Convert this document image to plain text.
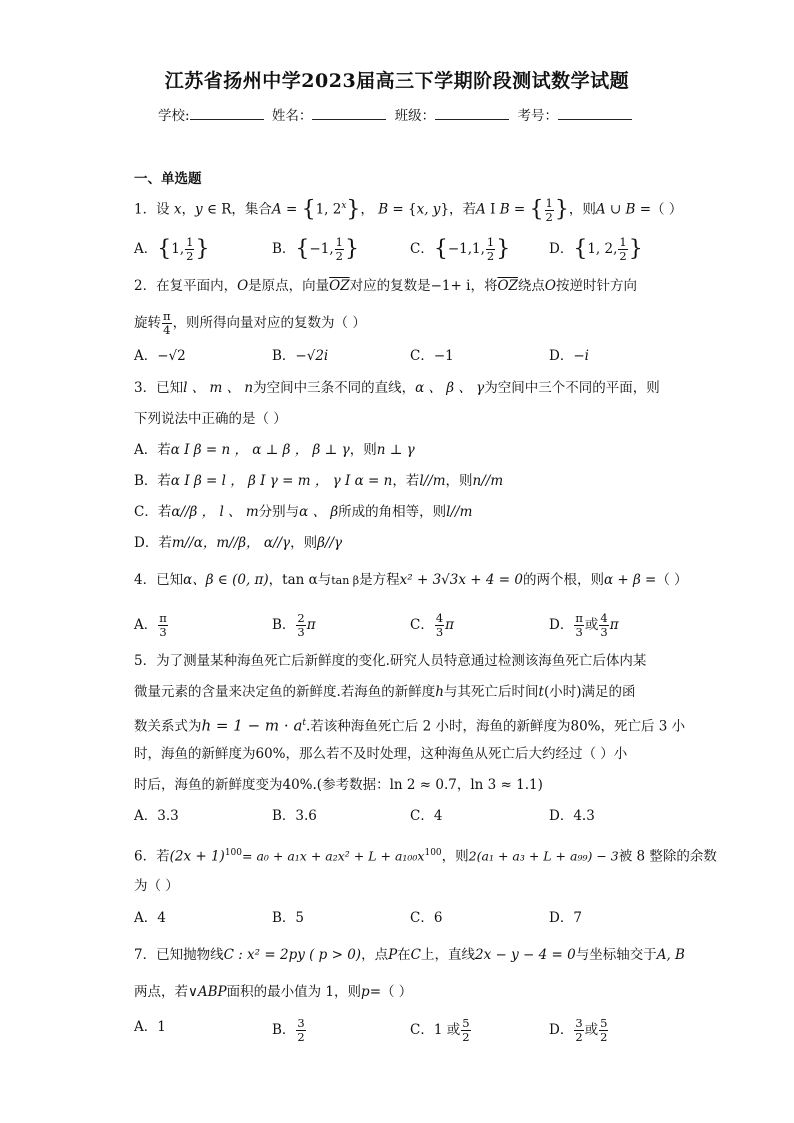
江苏省扬州中学2023届高三下学期阶段测试数学试题
学校:	姓名：	班级：	考号：
一、单选题
1．设 x，y ∈ R，集合A = {1, 2$^x$}， B = {x, y}，若A I B = { $\frac{1}{2}$ }，则A ∪ B =（ ）
A．{1, $\frac{1}{2}$ }	B．{−1, $\frac{1}{2}$ }	C．{−1,1, $\frac{1}{2}$ }	D．{1, 2, $\frac{1}{2}$ }
2．在复平面内，O是原点，向量$\overline{OZ}$对应的复数是−1+ i，将$\overline{OZ}$绕点O按逆时针方向
旋转 $\frac{\pi}{4}$ ，则所得向量对应的复数为（ ）
A．−√2	B．−√2i	C．−1	D．−i
3．已知l 、 m 、 n为空间中三条不同的直线，α 、 β 、 γ为空间中三个不同的平面，则
下列说法中正确的是（ ）
A．若α I β = n ， α ⊥ β ， β ⊥ γ，则n ⊥ γ
B．若α I β = l ， β I γ = m ， γ I α = n，若l//m，则n//m
C．若α//β ， l 、 m分别与α 、 β所成的角相等，则l//m
D．若m//α，m//β， α//γ，则β//γ
4．已知α、β ∈ (0, π)，tan α与tan β是方程x² + 3√3x + 4 = 0的两个根，则α + β =（ ）
A． $\frac{\pi}{3}$	B． $\frac{2}{3}$ π	C． $\frac{4}{3}$ π	D． $\frac{\pi}{3}$ 或 $\frac{4}{3}$ π
5．为了测量某种海鱼死亡后新鲜度的变化.研究人员特意通过检测该海鱼死亡后体内某
微量元素的含量来决定鱼的新鲜度.若海鱼的新鲜度h与其死亡后时间t(小时)满足的函
数关系式为$h = 1 - m \cdot a^t$.若该种海鱼死亡后 2 小时，海鱼的新鲜度为80%，死亡后 3 小
时，海鱼的新鲜度为60%，那么若不及时处理，这种海鱼从死亡后大约经过（ ）小
时后，海鱼的新鲜度变为40%.(参考数据：ln 2 ≈ 0.7，ln 3 ≈ 1.1)
A．3.3	B．3.6	C．4	D．4.3
6．若$(2x + 1)^{100}= a_0 + a_1x + a_2x^2 + L + a_{100}x^{100}$，则2(a₁ + a₃ + L + a₉₉) − 3被 8 整除的余数
为（ ）
A．4	B．5	C．6	D．7
7．已知抛物线C : x² = 2py ( p > 0)，点P在C上，直线2x − y − 4 = 0与坐标轴交于A, B
两点，若∨ABP面积的最小值为 1，则p=（ ）
A．1	B． $\frac{3}{2}$	C．1 或 $\frac{5}{2}$	D． $\frac{3}{2}$ 或 $\frac{5}{2}$
